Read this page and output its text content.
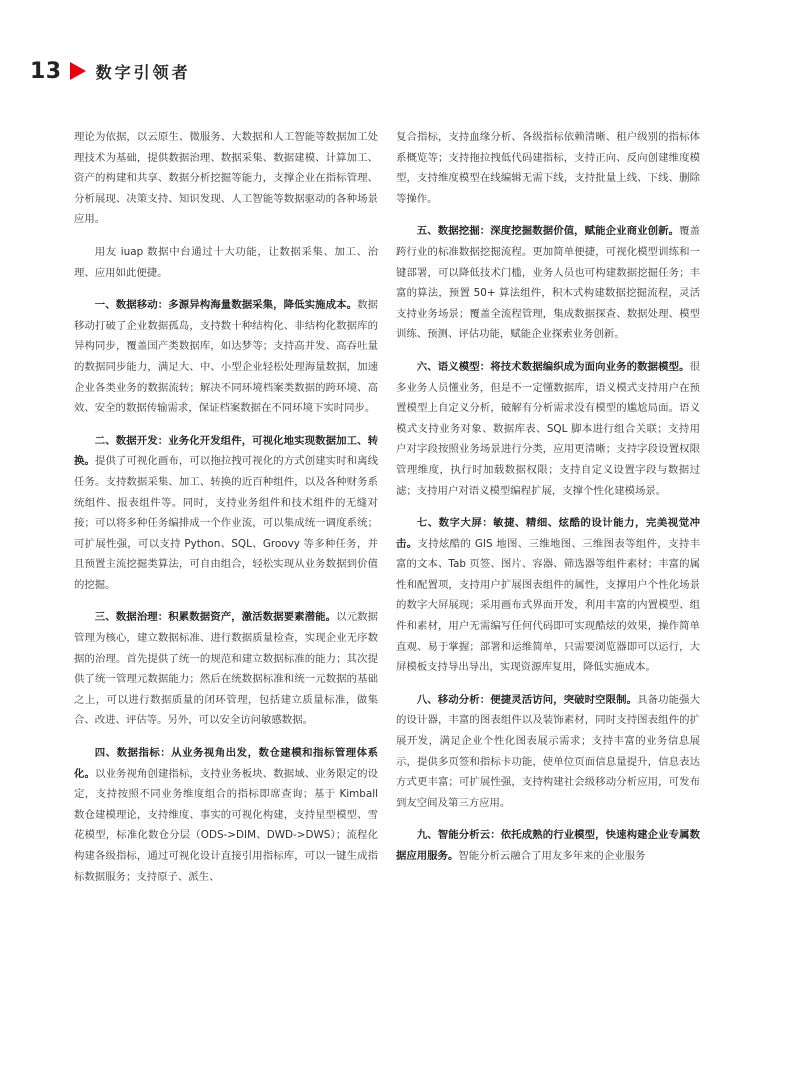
13 数字引领者

理论为依据，以云原生、微服务、大数据和人工智能等数据加工处理技术为基础，提供数据治理、数据采集、数据建模、计算加工、资产的构建和共享、数据分析挖掘等能力，支撑企业在指标管理、分析展现、决策支持、知识发现、人工智能等数据驱动的各种场景应用。

用友 iuap 数据中台通过十大功能，让数据采集、加工、治理、应用如此便捷。

一、数据移动：多源异构海量数据采集，降低实施成本。数据移动打破了企业数据孤岛，支持数十种结构化、非结构化数据库的异构同步，覆盖国产类数据库，如达梦等；支持高并发、高吞吐量的数据同步能力，满足大、中、小型企业轻松处理海量数据，加速企业各类业务的数据流转；解决不同环境档案类数据的跨环境、高效、安全的数据传输需求，保证档案数据在不同环境下实时同步。

二、数据开发：业务化开发组件，可视化地实现数据加工、转换。提供了可视化画布，可以拖拉拽可视化的方式创建实时和离线任务。支持数据采集、加工、转换的近百种组件，以及各种财务系统组件、报表组件等。同时，支持业务组件和技术组件的无缝对接；可以将多种任务编排成一个作业流，可以集成统一调度系统；可扩展性强，可以支持 Python、SQL、Groovy 等多种任务，并且预置主流挖掘类算法，可自由组合，轻松实现从业务数据到价值的挖掘。

三、数据治理：积累数据资产，激活数据要素潜能。以元数据管理为核心，建立数据标准、进行数据质量检查，实现企业无序数据的治理。首先提供了统一的规范和建立数据标准的能力；其次提供了统一管理元数据能力；然后在统数据标准和统一元数据的基础之上，可以进行数据质量的闭环管理，包括建立质量标准，做集合、改进、评估等。另外，可以安全访问敏感数据。

四、数据指标：从业务视角出发，数仓建模和指标管理体系化。以业务视角创建指标，支持业务板块、数据域、业务限定的设定，支持按照不同业务维度组合的指标即席查询；基于 Kimball 数仓建模理论，支持维度、事实的可视化构建，支持星型模型、雪花模型，标准化数仓分层（ODS->DIM、DWD->DWS）；流程化构建各级指标，通过可视化设计直接引用指标库，可以一键生成指标数据服务；支持原子、派生、

复合指标，支持血缘分析、各级指标依赖清晰、租户级别的指标体系概览等；支持拖拉拽低代码建指标，支持正向、反向创建维度模型，支持维度模型在线编辑无需下线，支持批量上线、下线、删除等操作。

五、数据挖掘：深度挖掘数据价值，赋能企业商业创新。覆盖跨行业的标准数据挖掘流程。更加简单便捷，可视化模型训练和一键部署，可以降低技术门槛，业务人员也可构建数据挖掘任务；丰富的算法，预置 50+ 算法组件，积木式构建数据挖掘流程，灵活支持业务场景；覆盖全流程管理，集成数据探查、数据处理、模型训练、预测、评估功能，赋能企业探索业务创新。

六、语义模型：将技术数据编织成为面向业务的数据模型。很多业务人员懂业务，但是不一定懂数据库，语义模式支持用户在预置模型上自定义分析，破解有分析需求没有模型的尴尬局面。语义模式支持业务对象、数据库表、SQL 脚本进行组合关联；支持用户对字段按照业务场景进行分类，应用更清晰；支持字段设置权限管理维度，执行时加载数据权限；支持自定义设置字段与数据过滤；支持用户对语义模型编程扩展，支撑个性化建模场景。

七、数字大屏：敏捷、精细、炫酷的设计能力，完美视觉冲击。支持炫酷的 GIS 地图、三维地图、三维图表等组件，支持丰富的文本、Tab 页签、图片、容器、筛选器等组件素材；丰富的属性和配置项，支持用户扩展图表组件的属性，支撑用户个性化场景的数字大屏展现；采用画布式界面开发，利用丰富的内置模型、组件和素材，用户无需编写任何代码即可实现酷炫的效果，操作简单直观、易于掌握；部署和运维简单，只需要浏览器即可以运行，大屏模板支持导出导出，实现资源库复用，降低实施成本。

八、移动分析：便捷灵活访问，突破时空限制。具备功能强大的设计器，丰富的图表组件以及装饰素材，同时支持图表组件的扩展开发，满足企业个性化图表展示需求；支持丰富的业务信息展示，提供多页签和指标卡功能，使单位页面信息量提升，信息表达方式更丰富；可扩展性强，支持构建社会级移动分析应用，可发布到友空间及第三方应用。

九、智能分析云：依托成熟的行业模型，快速构建企业专属数据应用服务。智能分析云融合了用友多年来的企业服务
